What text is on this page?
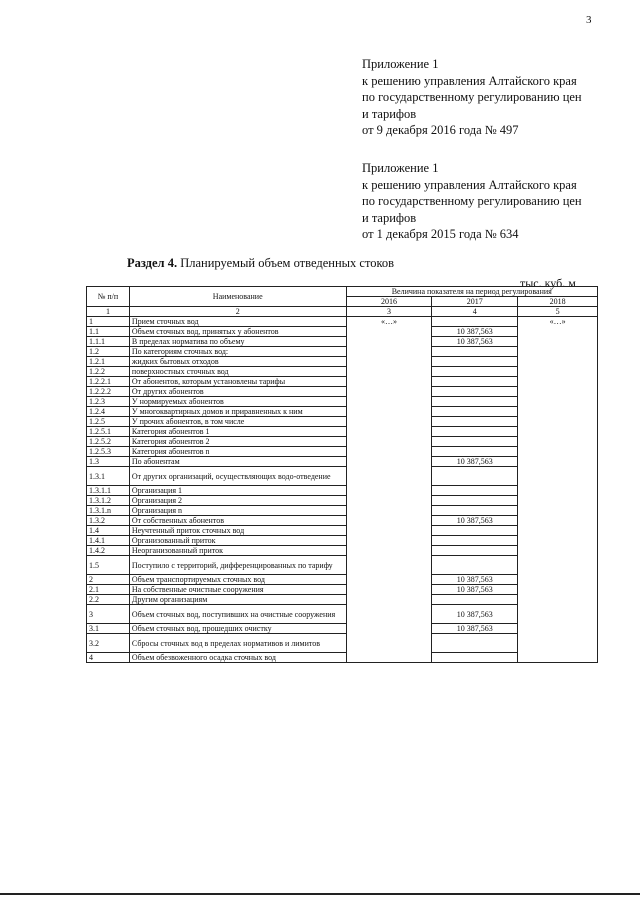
3
Приложение 1
к решению управления Алтайского края
по государственному регулированию цен
и тарифов
от 9 декабря 2016 года № 497
Приложение 1
к решению управления Алтайского края
по государственному регулированию цен
и тарифов
от 1 декабря 2015 года № 634
Раздел 4. Планируемый объем отведенных стоков
тыс. куб. м
№ п/п	Наименование	Величина показателя на период регулирования		
		2016	2017	2018
1	2	3	4	5
1	Прием сточных вод	«…»		«…»
1.1	Объем сточных вод, принятых у абонентов		10 387,563	
1.1.1	В пределах норматива по объему		10 387,563	
1.2	По категориям сточных вод:			
1.2.1	жидких бытовых отходов			
1.2.2	поверхностных сточных вод			
1.2.2.1	От абонентов, которым установлены тарифы			
1.2.2.2	От других абонентов			
1.2.3	У нормируемых абонентов			
1.2.4	У многоквартирных домов и приравненных к ним			
1.2.5	У прочих абонентов, в том числе			
1.2.5.1	Категория абонентов 1			
1.2.5.2	Категория абонентов 2			
1.2.5.3	Категория абонентов n			
1.3	По абонентам		10 387,563	
1.3.1	От других организаций, осуществляющих водо-отведение			
1.3.1.1	Организация 1			
1.3.1.2	Организация 2			
1.3.1.n	Организация n			
1.3.2	От собственных абонентов		10 387,563	
1.4	Неучтенный приток сточных вод			
1.4.1	Организованный приток			
1.4.2	Неорганизованный приток			
1.5	Поступило с территорий, дифференцированных по тарифу			
2	Объем транспортируемых сточных вод		10 387,563	
2.1	На собственные очистные сооружения		10 387,563	
2.2	Другим организациям			
3	Объем сточных вод, поступивших на очистные сооружения		10 387,563	
3.1	Объем сточных вод, прошедших очистку		10 387,563	
3.2	Сбросы сточных вод в пределах нормативов и лимитов			
4	Объем обезвоженного осадка сточных вод			
